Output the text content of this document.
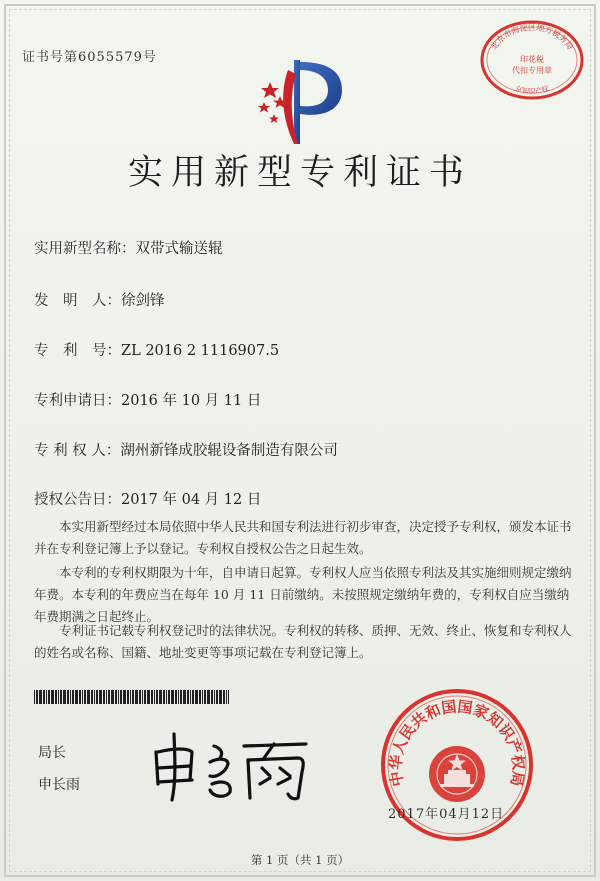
证书号第6055579号
北京市海淀区地方税务局
印花税
代扣专用章
京知识产权
实用新型专利证书
实用新型名称：双带式输送辊
发　明　人：徐剑锋
专　利　号：ZL 2016 2 1116907.5
专利申请日：2016 年 10 月 11 日
专 利 权 人：湖州新锋成胶辊设备制造有限公司
授权公告日：2017 年 04 月 12 日

本实用新型经过本局依照中华人民共和国专利法进行初步审查，决定授予专利权，颁发本证书并在专利登记簿上予以登记。专利权自授权公告之日起生效。

本专利的专利权期限为十年，自申请日起算。专利权人应当依照专利法及其实施细则规定缴纳年费。本专利的年费应当在每年 10 月 11 日前缴纳。未按照规定缴纳年费的，专利权自应当缴纳年费期满之日起终止。

专利证书记载专利权登记时的法律状况。专利权的转移、质押、无效、终止、恢复和专利权人的姓名或名称、国籍、地址变更等事项记载在专利登记簿上。

局长
申长雨	中华人民共和国国家知识产权局
2017年04月12日
第 1 页（共 1 页）
